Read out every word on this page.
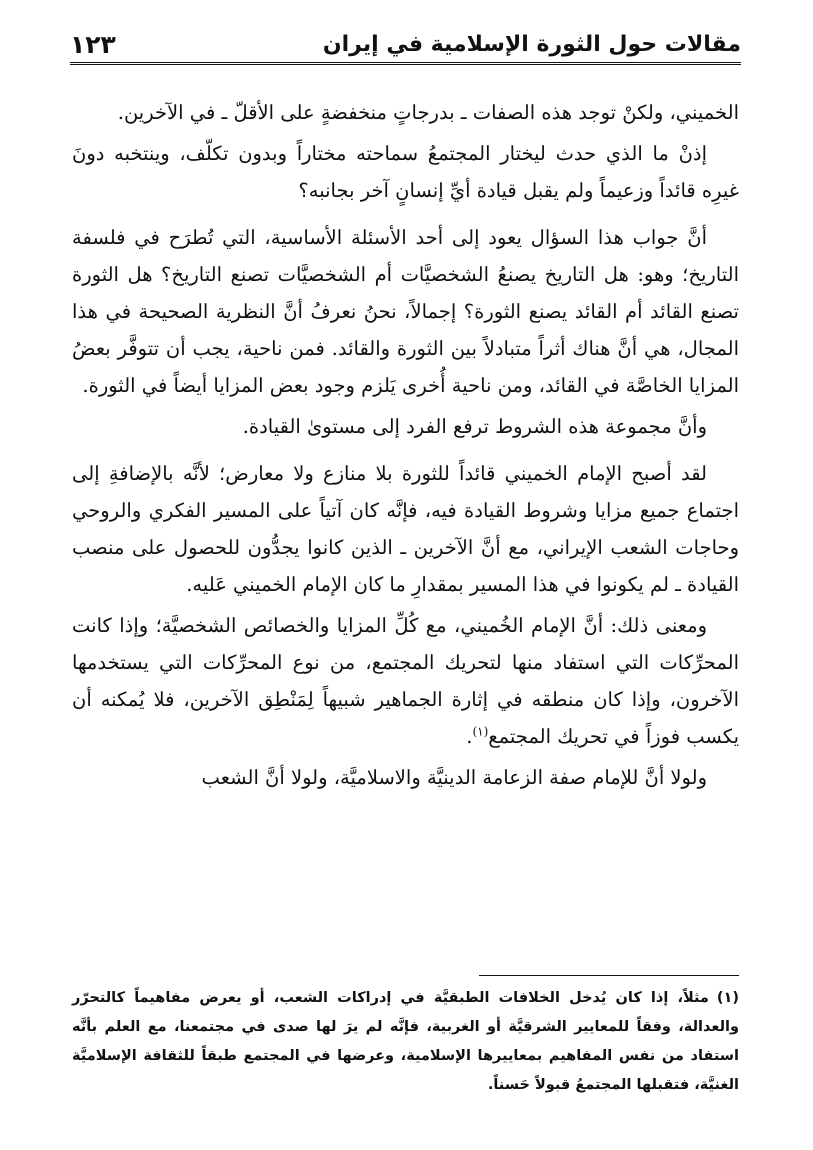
١٢٣	مقالات حول الثورة الإسلامية في إيران

الخميني، ولكنْ توجد هذه الصفات ـ بدرجاتٍ منخفضةٍ على الأقلّ ـ في الآخرين.

إذنْ ما الذي حدث ليختار المجتمعُ سماحته مختاراً وبدون تكلّف، وينتخبه دونَ غيرِه قائداً وزعيماً ولم يقبل قيادة أيِّ إنسانٍ آخر بجانبه؟

أنَّ جواب هذا السؤال يعود إلى أحد الأسئلة الأساسية، التي تُطرَح في فلسفة التاريخ؛ وهو: هل التاريخ يصنعُ الشخصيَّات أم الشخصيَّات تصنع التاريخ؟ هل الثورة تصنع القائد أم القائد يصنع الثورة؟ إجمالاً، نحنُ نعرفُ أنَّ النظرية الصحيحة في هذا المجال، هي أنَّ هناك أثراً متبادلاً بين الثورة والقائد. فمن ناحية، يجب أن تتوفَّر بعضُ المزايا الخاصَّة في القائد، ومن ناحية أُخرى يَلزم وجود بعض المزايا أيضاً في الثورة.

وأنَّ مجموعة هذه الشروط ترفع الفرد إلى مستوىٰ القيادة.

لقد أصبح الإمام الخميني قائداً للثورة بلا منازع ولا معارض؛ لأنَّه بالإضافةِ إلى اجتماع جميع مزايا وشروط القيادة فيه، فإنَّه كان آتياً على المسير الفكري والروحي وحاجات الشعب الإيراني، مع أنَّ الآخرين ـ الذين كانوا يجدُّون للحصول على منصب القيادة ـ لم يكونوا في هذا المسير بمقدارِ ما كان الإمام الخميني عَليه.

ومعنى ذلك: أنَّ الإمام الخُميني، مع كُلِّ المزايا والخصائص الشخصيَّة؛ وإذا كانت المحرِّكات التي استفاد منها لتحريك المجتمع، من نوع المحرِّكات التي يستخدمها الآخرون، وإذا كان منطقه في إثارة الجماهير شبيهاً لِمَنْطِق الآخرين، فلا يُمكنه أن يكسب فوزاً في تحريك المجتمع$^{(١)}$.

ولولا أنَّ للإمام صفة الزعامة الدينيَّة والاسلاميَّة، ولولا أنَّ الشعب

(١)مثلاً، إذا كان يُدخل الخلافات الطبقيَّة في إدراكات الشعب، أو يعرض مفاهيماً كالتحرّر والعدالة، وفقاً للمعايير الشرقيَّة أو الغربية، فإنَّه لم يرَ لها صدى في مجتمعنا، مع العلم بأنَّه استفاد من نفس المفاهيم بمعاييرها الإسلامية، وعرضها في المجتمع طبقاً للثقافة الإسلاميَّة الغنيَّة، فتقبلها المجتمعُ قبولاً حَسناً.
